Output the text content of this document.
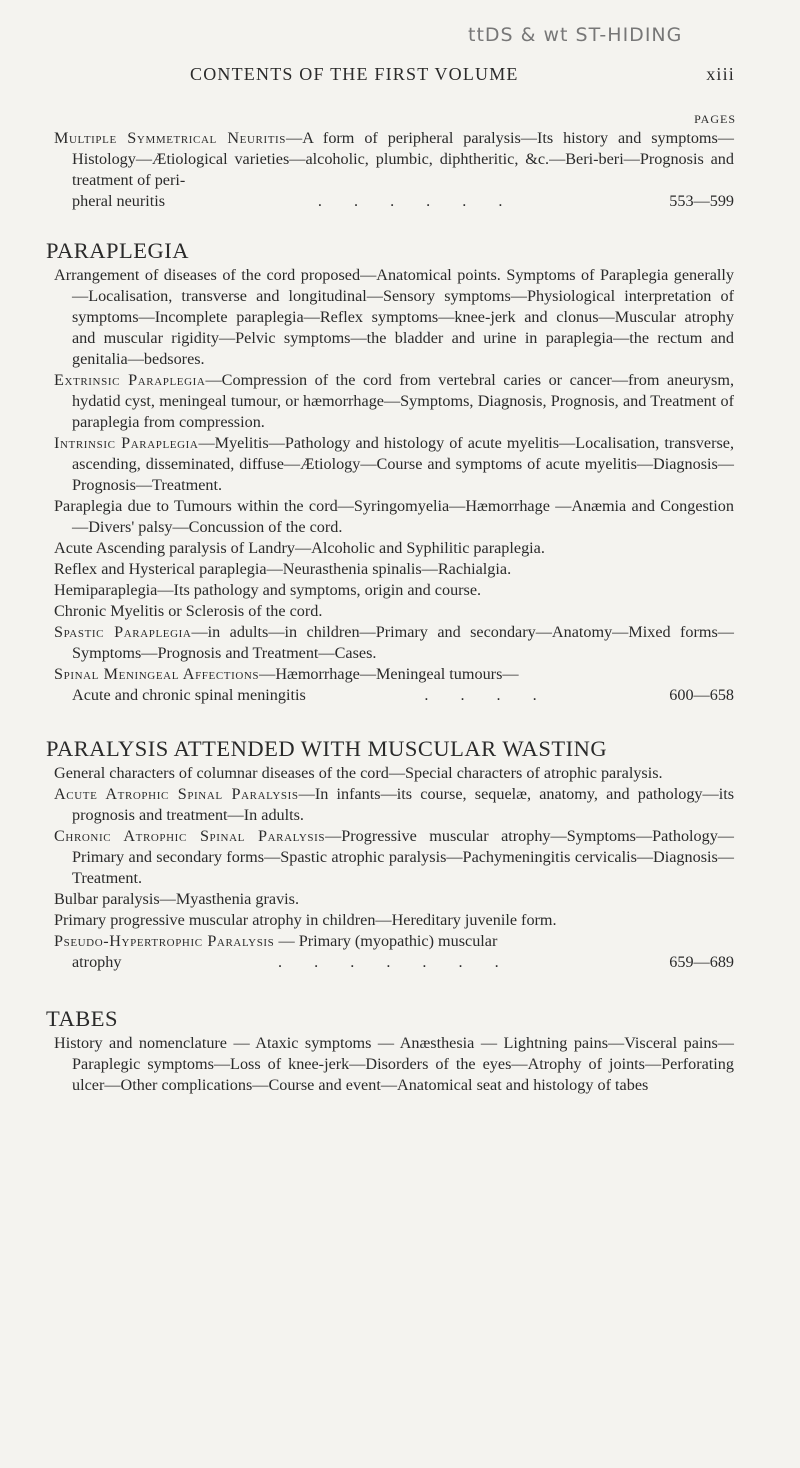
ttDS & wt ST-HIDING
CONTENTS OF THE FIRST VOLUME	xiii
PAGES

Multiple Symmetrical Neuritis—A form of peripheral paralysis—Its history and symptoms—Histology—Ætiological varieties—alcoholic, plumbic, diphtheritic, &c.—Beri-beri—Prognosis and treatment of peri-

pheral neuritis	. . . . . .	553—599
PARAPLEGIA

Arrangement of diseases of the cord proposed—Anatomical points. Symptoms of Paraplegia generally—Localisation, transverse and longitudinal—Sensory symptoms—Physiological interpretation of symptoms—Incomplete paraplegia—Reflex symptoms—knee-jerk and clonus—Muscular atrophy and muscular rigidity—Pelvic symptoms—the bladder and urine in paraplegia—the rectum and genitalia—bedsores.

Extrinsic Paraplegia—Compression of the cord from vertebral caries or cancer—from aneurysm, hydatid cyst, meningeal tumour, or hæmorrhage—Symptoms, Diagnosis, Prognosis, and Treatment of paraplegia from compression.

Intrinsic Paraplegia—Myelitis—Pathology and histology of acute myelitis—Localisation, transverse, ascending, disseminated, diffuse—Ætiology—Course and symptoms of acute myelitis—Diagnosis—Prognosis—Treatment.

Paraplegia due to Tumours within the cord—Syringomyelia—Hæmorrhage —Anæmia and Congestion—Divers' palsy—Concussion of the cord.

Acute Ascending paralysis of Landry—Alcoholic and Syphilitic paraplegia.

Reflex and Hysterical paraplegia—Neurasthenia spinalis—Rachialgia.

Hemiparaplegia—Its pathology and symptoms, origin and course.

Chronic Myelitis or Sclerosis of the cord.

Spastic Paraplegia—in adults—in children—Primary and secondary—Anatomy—Mixed forms—Symptoms—Prognosis and Treatment—Cases.

Spinal Meningeal Affections—Hæmorrhage—Meningeal tumours—

Acute and chronic spinal meningitis	. . . .	600—658
PARALYSIS ATTENDED WITH MUSCULAR WASTING

General characters of columnar diseases of the cord—Special characters of atrophic paralysis.

Acute Atrophic Spinal Paralysis—In infants—its course, sequelæ, anatomy, and pathology—its prognosis and treatment—In adults.

Chronic Atrophic Spinal Paralysis—Progressive muscular atrophy—Symptoms—Pathology—Primary and secondary forms—Spastic atrophic paralysis—Pachymeningitis cervicalis—Diagnosis—Treatment.

Bulbar paralysis—Myasthenia gravis.

Primary progressive muscular atrophy in children—Hereditary juvenile form.

Pseudo-Hypertrophic Paralysis — Primary (myopathic) muscular

atrophy	. . . . . . .	659—689
TABES

History and nomenclature — Ataxic symptoms — Anæsthesia — Lightning pains—Visceral pains—Paraplegic symptoms—Loss of knee-jerk—Disorders of the eyes—Atrophy of joints—Perforating ulcer—Other complications—Course and event—Anatomical seat and histology of tabes
